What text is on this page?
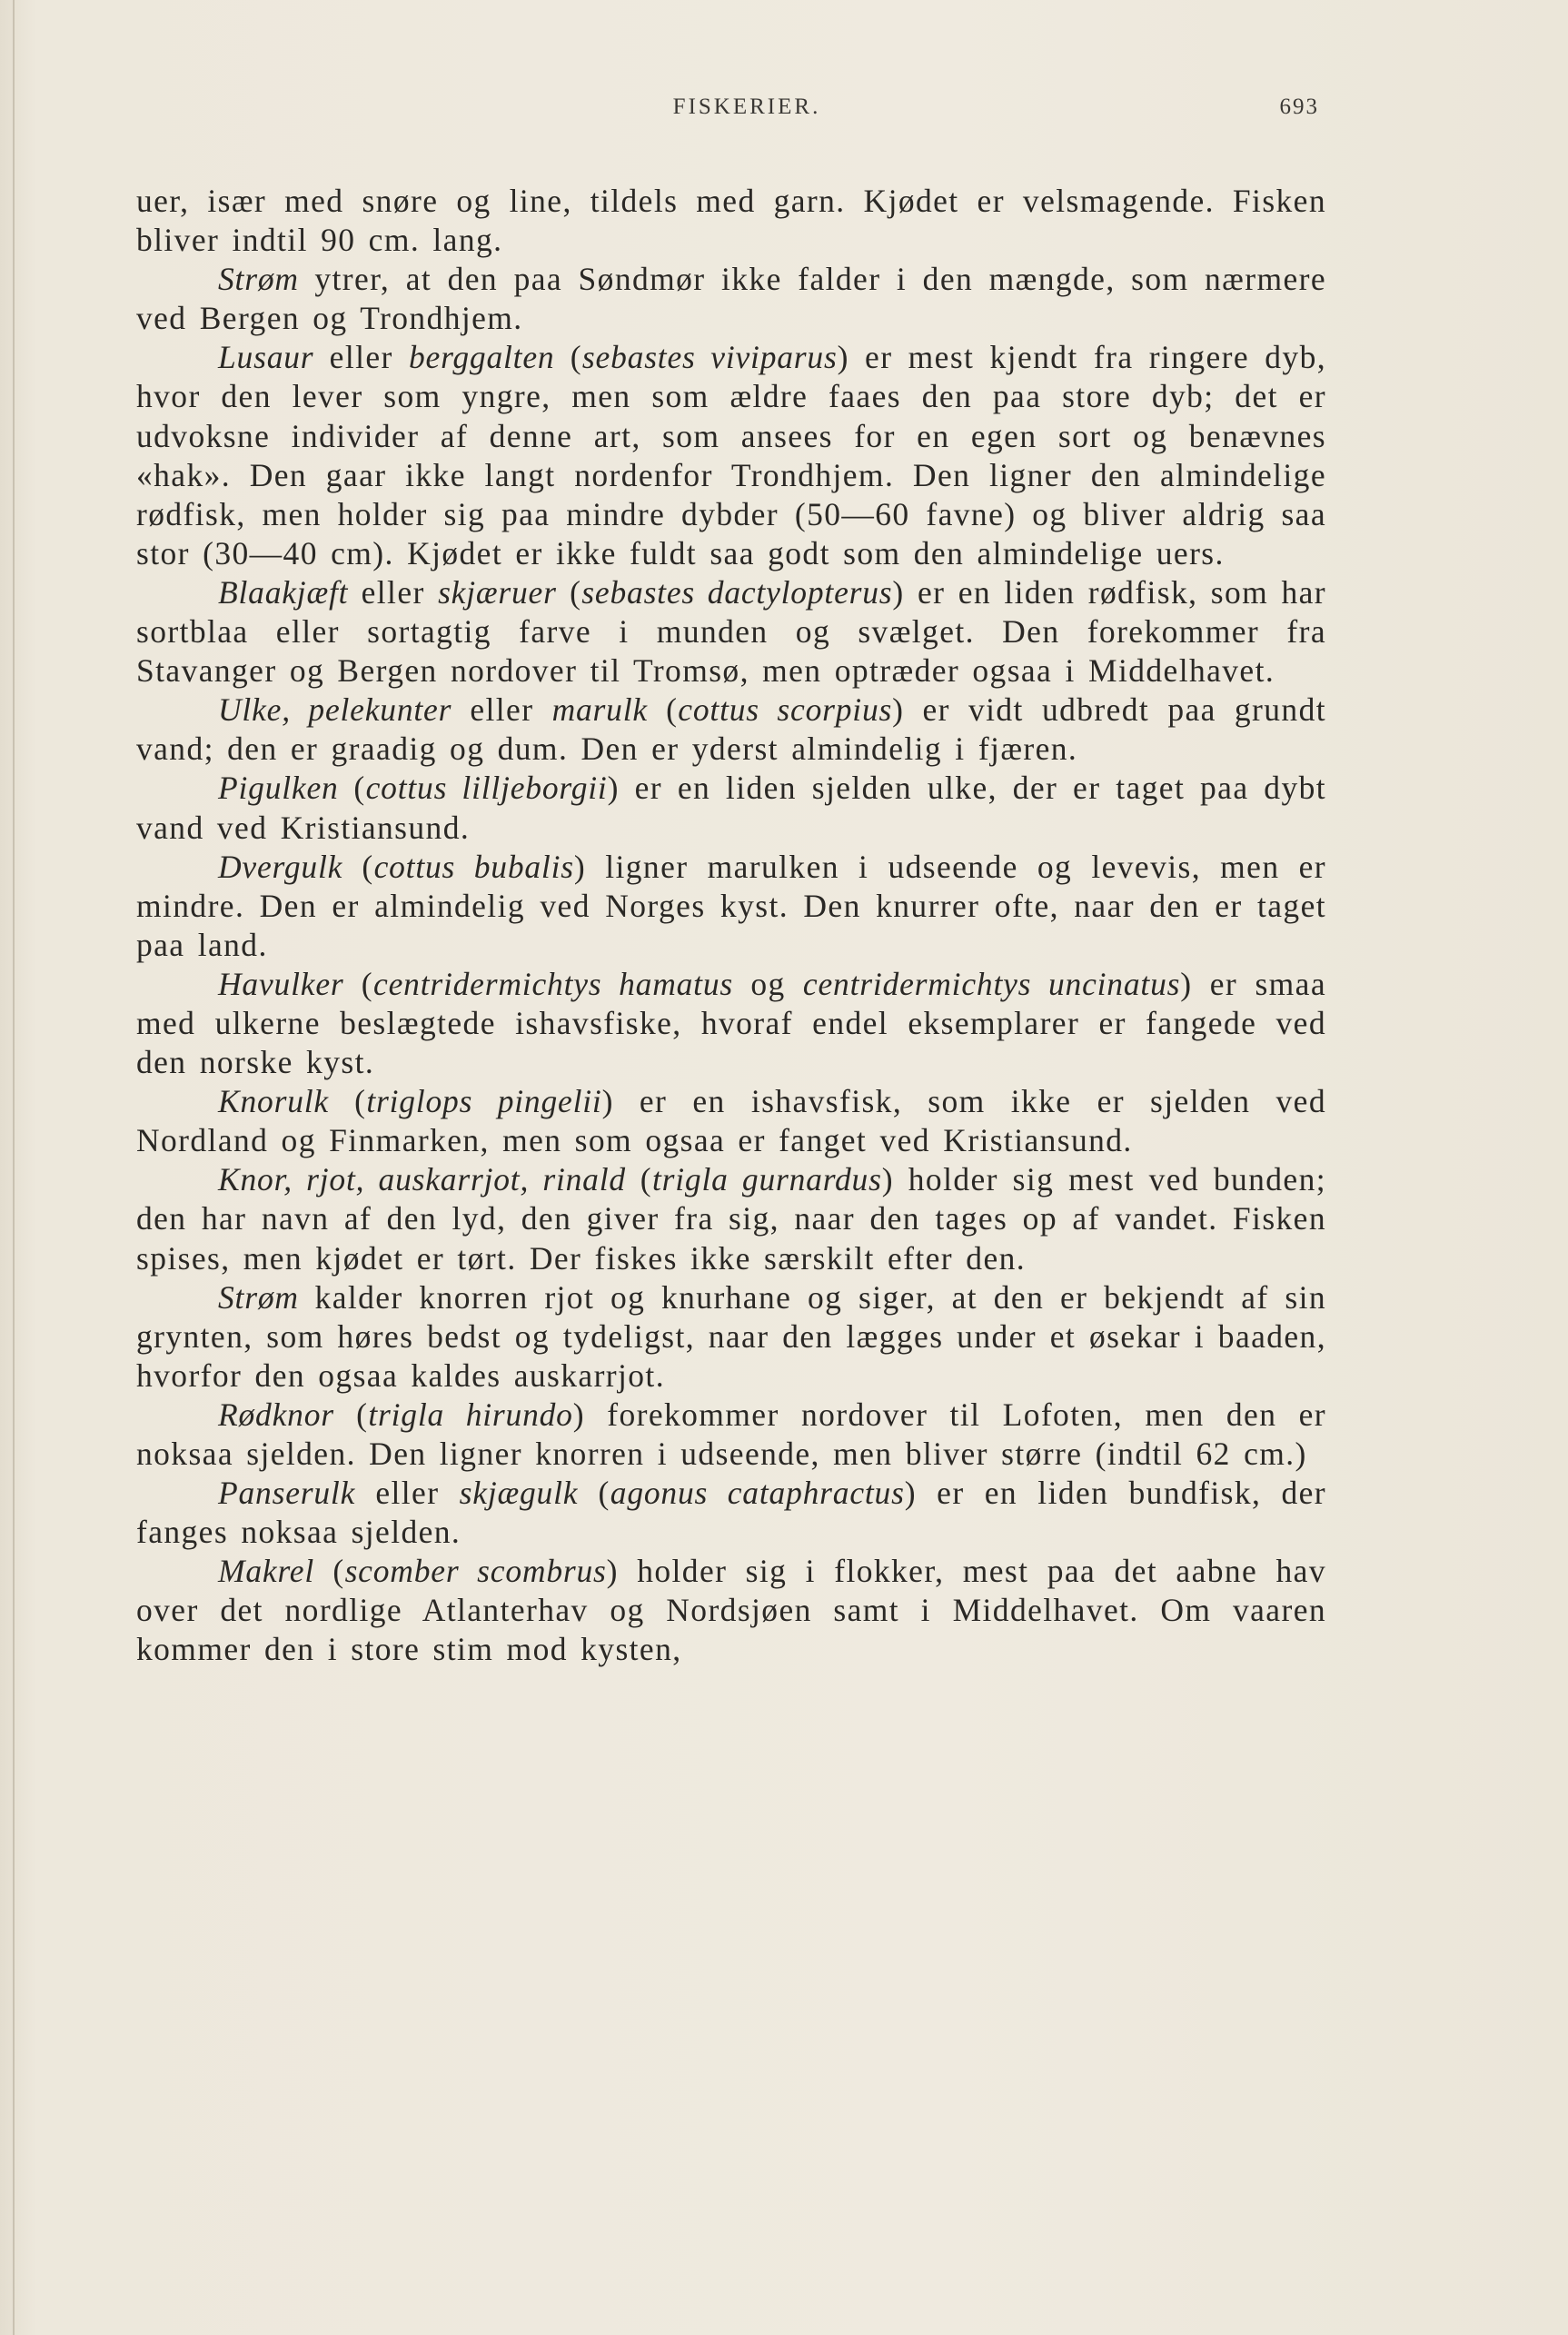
FISKERIER.	693

uer, især med snøre og line, tildels med garn. Kjødet er velsmagende. Fisken bliver indtil 90 cm. lang.

Strøm ytrer, at den paa Søndmør ikke falder i den mængde, som nærmere ved Bergen og Trondhjem.

Lusaur eller berggalten (sebastes viviparus) er mest kjendt fra ringere dyb, hvor den lever som yngre, men som ældre faaes den paa store dyb; det er udvoksne individer af denne art, som ansees for en egen sort og benævnes «hak». Den gaar ikke langt nordenfor Trondhjem. Den ligner den almindelige rødfisk, men holder sig paa mindre dybder (50—60 favne) og bliver aldrig saa stor (30—40 cm). Kjødet er ikke fuldt saa godt som den almindelige uers.

Blaakjæft eller skjæruer (sebastes dactylopterus) er en liden rødfisk, som har sortblaa eller sortagtig farve i munden og svælget. Den forekommer fra Stavanger og Bergen nordover til Tromsø, men optræder ogsaa i Middelhavet.

Ulke, pelekunter eller marulk (cottus scorpius) er vidt udbredt paa grundt vand; den er graadig og dum. Den er yderst almindelig i fjæren.

Pigulken (cottus lilljeborgii) er en liden sjelden ulke, der er taget paa dybt vand ved Kristiansund.

Dvergulk (cottus bubalis) ligner marulken i udseende og levevis, men er mindre. Den er almindelig ved Norges kyst. Den knurrer ofte, naar den er taget paa land.

Havulker (centridermichtys hamatus og centridermichtys uncinatus) er smaa med ulkerne beslægtede ishavsfiske, hvoraf endel eksemplarer er fangede ved den norske kyst.

Knorulk (triglops pingelii) er en ishavsfisk, som ikke er sjelden ved Nordland og Finmarken, men som ogsaa er fanget ved Kristiansund.

Knor, rjot, auskarrjot, rinald (trigla gurnardus) holder sig mest ved bunden; den har navn af den lyd, den giver fra sig, naar den tages op af vandet. Fisken spises, men kjødet er tørt. Der fiskes ikke særskilt efter den.

Strøm kalder knorren rjot og knurhane og siger, at den er bekjendt af sin grynten, som høres bedst og tydeligst, naar den lægges under et øsekar i baaden, hvorfor den ogsaa kaldes auskarrjot.

Rødknor (trigla hirundo) forekommer nordover til Lofoten, men den er noksaa sjelden. Den ligner knorren i udseende, men bliver større (indtil 62 cm.)

Panserulk eller skjægulk (agonus cataphractus) er en liden bundfisk, der fanges noksaa sjelden.

Makrel (scomber scombrus) holder sig i flokker, mest paa det aabne hav over det nordlige Atlanterhav og Nordsjøen samt i Middelhavet. Om vaaren kommer den i store stim mod kysten,
